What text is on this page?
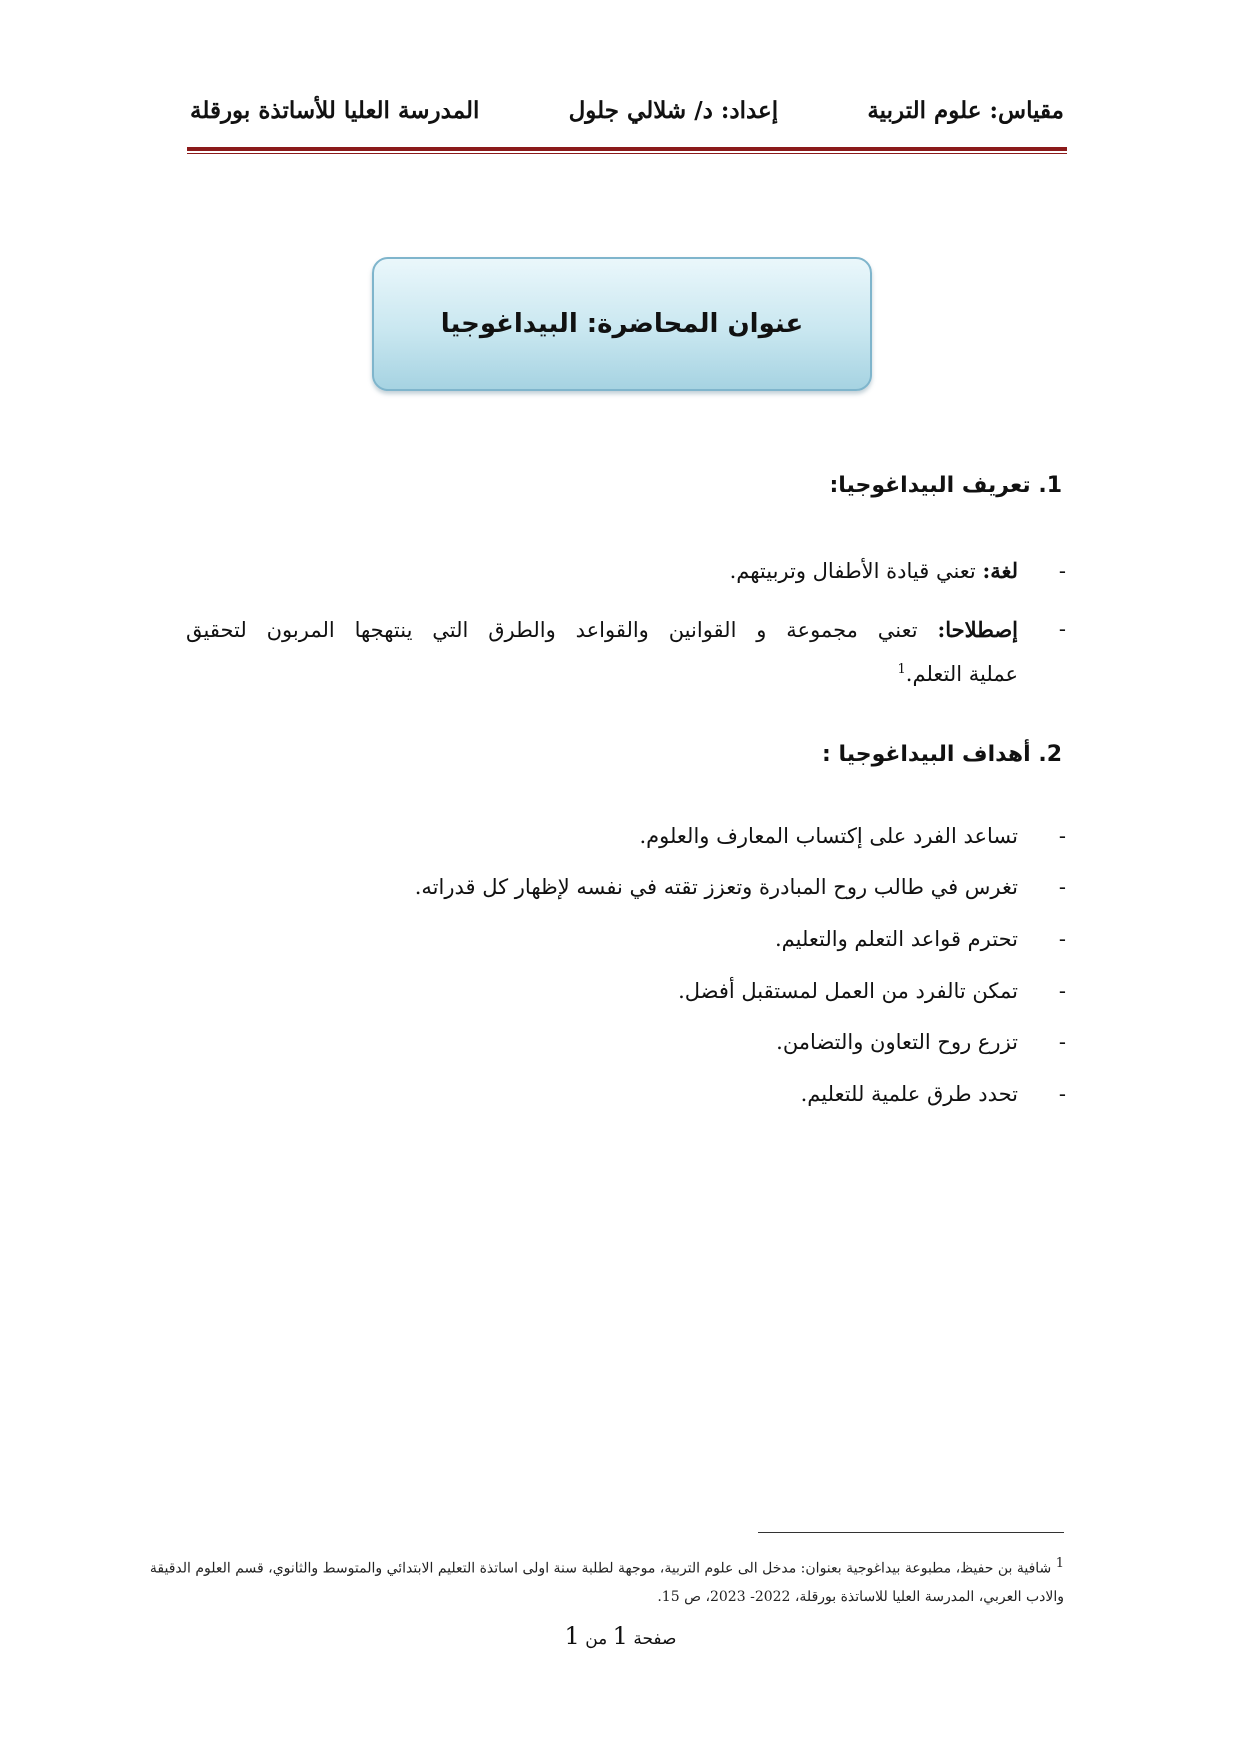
مقياس: علوم التربية
إعداد: د/ شلالي جلول
المدرسة العليا للأساتذة بورقلة
عنوان المحاضرة: البيداغوجيا
1. تعريف البيداغوجيا:
-لغة: تعني قيادة الأطفال وتربيتهم.
-
إصطلاحا: تعني مجموعة و القوانين والقواعد والطرق التي ينتهجها المربون لتحقيق
عملية التعلم.$^1$
2. أهداف البيداغوجيا :
-تساعد الفرد على إكتساب المعارف والعلوم.
-تغرس في طالب روح المبادرة وتعزز تقته في نفسه لإظهار كل قدراته.
-تحترم قواعد التعلم والتعليم.
-تمكن تالفرد من العمل لمستقبل أفضل.
-تزرع روح التعاون والتضامن.
-تحدد طرق علمية للتعليم.
$^1$ شافية بن حفيظ، مطبوعة بيداغوجية بعنوان: مدخل الى علوم التربية، موجهة لطلبة سنة اولى اساتذة التعليم الابتدائي والمتوسط والثانوي، قسم العلوم الدقيقة
والادب العربي، المدرسة العليا للاساتذة بورقلة، 2022- 2023، ص 15.
صفحة 1 من 1
